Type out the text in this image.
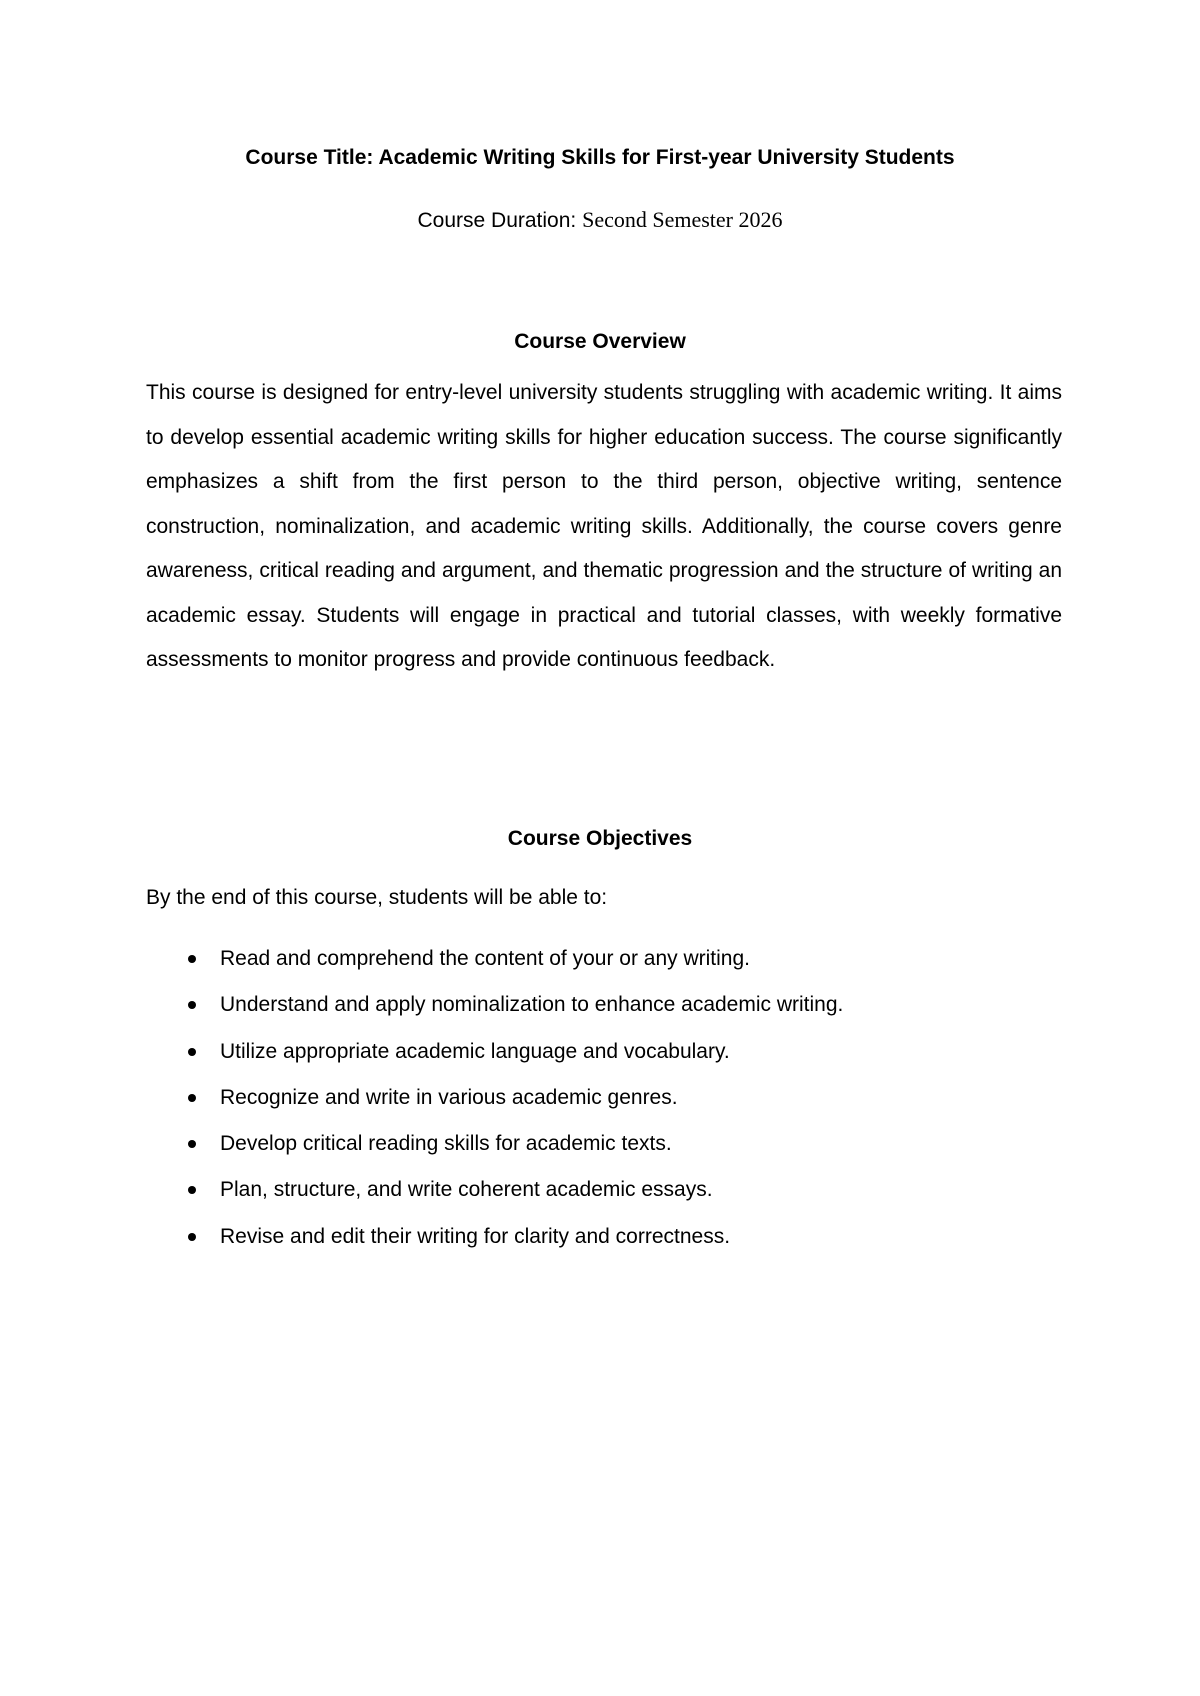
Course Title: Academic Writing Skills for First-year University Students
Course Duration: Second Semester 2026
Course Overview
This course is designed for entry-level university students struggling with academic writing. It aims to develop essential academic writing skills for higher education success. The course significantly emphasizes a shift from the first person to the third person, objective writing, sentence construction, nominalization, and academic writing skills. Additionally, the course covers genre awareness, critical reading and argument, and thematic progression and the structure of writing an academic essay. Students will engage in practical and tutorial classes, with weekly formative assessments to monitor progress and provide continuous feedback.
Course Objectives
By the end of this course, students will be able to:
Read and comprehend the content of your or any writing.
Understand and apply nominalization to enhance academic writing.
Utilize appropriate academic language and vocabulary.
Recognize and write in various academic genres.
Develop critical reading skills for academic texts.
Plan, structure, and write coherent academic essays.
Revise and edit their writing for clarity and correctness.
